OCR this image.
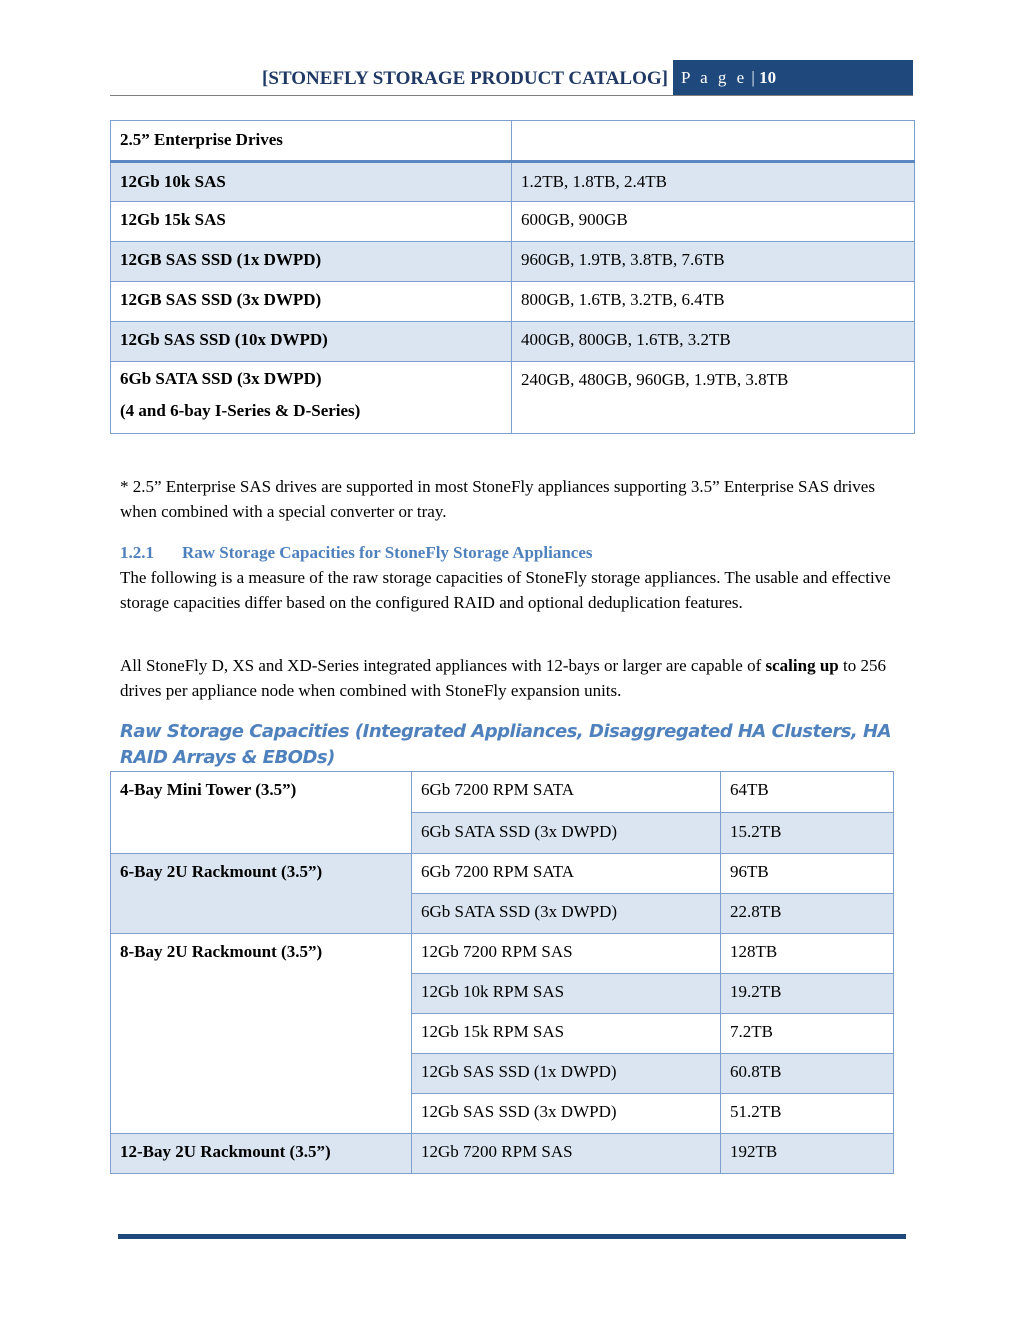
[STONEFLY STORAGE PRODUCT CATALOG] P a g e | 10
2.5” Enterprise Drives	
12Gb 10k SAS	1.2TB, 1.8TB, 2.4TB
12Gb 15k SAS	600GB, 900GB
12GB SAS SSD (1x DWPD)	960GB, 1.9TB, 3.8TB, 7.6TB
12GB SAS SSD (3x DWPD)	800GB, 1.6TB, 3.2TB, 6.4TB
12Gb SAS SSD (10x DWPD)	400GB, 800GB, 1.6TB, 3.2TB

6Gb SATA SSD (3x DWPD)
(4 and 6-bay I-Series & D-Series)	240GB, 480GB, 960GB, 1.9TB, 3.8TB

* 2.5” Enterprise SAS drives are supported in most StoneFly appliances supporting 3.5” Enterprise SAS drives when combined with a special converter or tray.

1.2.1 Raw Storage Capacities for StoneFly Storage Appliances

The following is a measure of the raw storage capacities of StoneFly storage appliances. The usable and effective storage capacities differ based on the configured RAID and optional deduplication features.

All StoneFly D, XS and XD-Series integrated appliances with 12-bays or larger are capable of scaling up to 256 drives per appliance node when combined with StoneFly expansion units.

Raw Storage Capacities (Integrated Appliances, Disaggregated HA Clusters, HA RAID Arrays & EBODs)
4-Bay Mini Tower (3.5”)	6Gb 7200 RPM SATA	64TB
	6Gb SATA SSD (3x DWPD)	15.2TB
6-Bay 2U Rackmount (3.5”)	6Gb 7200 RPM SATA	96TB
	6Gb SATA SSD (3x DWPD)	22.8TB
8-Bay 2U Rackmount (3.5”)	12Gb 7200 RPM SAS	128TB
	12Gb 10k RPM SAS	19.2TB
	12Gb 15k RPM SAS	7.2TB
	12Gb SAS SSD (1x DWPD)	60.8TB
	12Gb SAS SSD (3x DWPD)	51.2TB
12-Bay 2U Rackmount (3.5”)	12Gb 7200 RPM SAS	192TB
